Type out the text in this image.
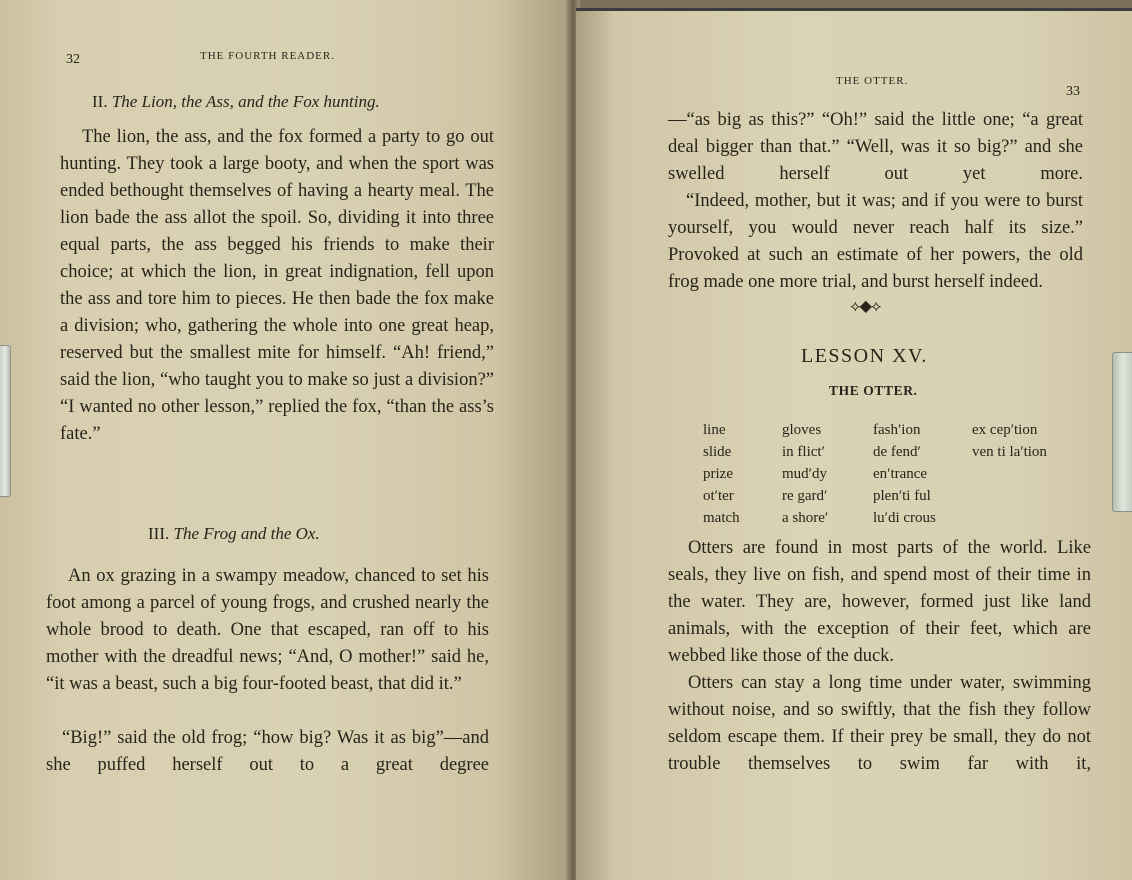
32	THE FOURTH READER.
II. The Lion, the Ass, and the Fox hunting.

The lion, the ass, and the fox formed a party to go out hunting. They took a large booty, and when the sport was ended bethought themselves of having a hearty meal. The lion bade the ass allot the spoil. So, dividing it into three equal parts, the ass begged his friends to make their choice; at which the lion, in great indignation, fell upon the ass and tore him to pieces. He then bade the fox make a division; who, gathering the whole into one great heap, reserved but the smallest mite for himself. “Ah! friend,” said the lion, “who taught you to make so just a division?” “I wanted no other lesson,” replied the fox, “than the ass’s fate.”

III. The Frog and the Ox.

An ox grazing in a swampy meadow, chanced to set his foot among a parcel of young frogs, and crushed nearly the whole brood to death. One that escaped, ran off to his mother with the dreadful news; “And, O mother!” said he, “it was a beast, such a big four-footed beast, that did it.”

“Big!” said the old frog; “how big? Was it as big”—and she puffed herself out to a great degree

THE OTTER.
33

—“as big as this?” “Oh!” said the little one; “a great deal bigger than that.” “Well, was it so big?” and she swelled herself out yet more.

“Indeed, mother, but it was; and if you were to burst yourself, you would never reach half its size.” Provoked at such an estimate of her powers, the old frog made one more trial, and burst herself indeed.

⟡◆⟡
LESSON XV.
THE OTTER.
line
slide
prize
ot′ter
match
gloves
in flict′
mud′dy
re gard′
a shore′
fash′ion
de fend′
en′trance
plen′ti ful
lu′di crous
ex cep′tion
ven ti la′tion

Otters are found in most parts of the world. Like seals, they live on fish, and spend most of their time in the water. They are, however, formed just like land animals, with the exception of their feet, which are webbed like those of the duck.

Otters can stay a long time under water, swimming without noise, and so swiftly, that the fish they follow seldom escape them. If their prey be small, they do not trouble themselves to swim far with it,
